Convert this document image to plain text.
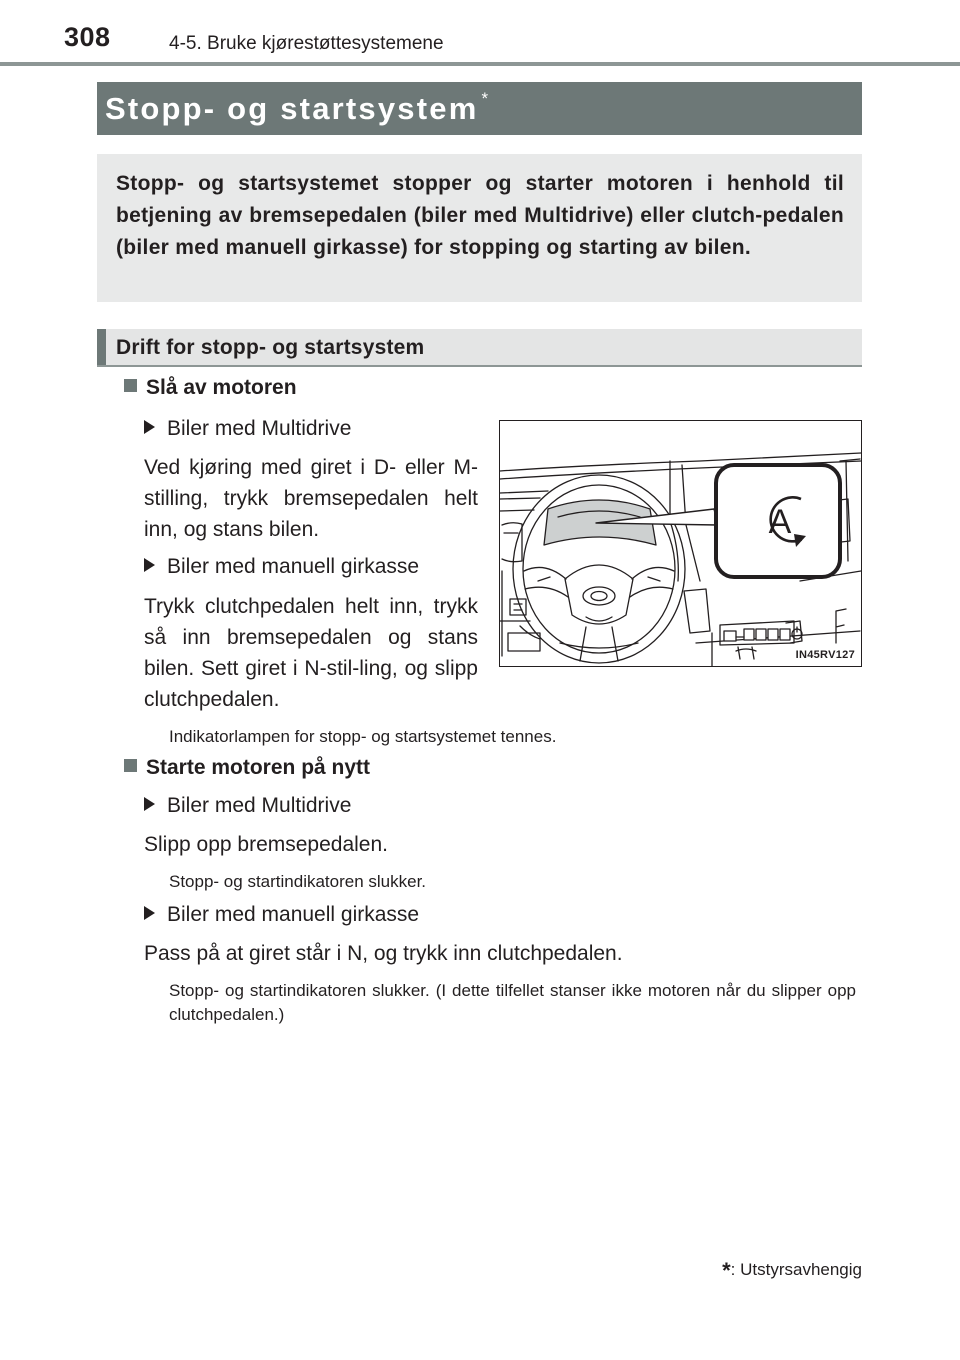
308	4-5. Bruke kjørestøttesystemene
Stopp- og startsystem *
Stopp- og startsystemet stopper og starter motoren i henhold til betjening av bremsepedalen (biler med Multidrive) eller clutch-pedalen (biler med manuell girkasse) for stopping og starting av bilen.
Drift for stopp- og startsystem
Slå av motoren
Biler med Multidrive
Ved kjøring med giret i D- eller M-stilling, trykk bremsepedalen helt inn, og stans bilen.
Biler med manuell girkasse
Trykk clutchpedalen helt inn, trykk så inn bremsepedalen og stans bilen. Sett giret i N-stil-ling, og slipp clutchpedalen.
Indikatorlampen for stopp- og startsystemet tennes.
A
IN45RV127
Starte motoren på nytt
Biler med Multidrive
Slipp opp bremsepedalen.
Stopp- og startindikatoren slukker.
Biler med manuell girkasse
Pass på at giret står i N, og trykk inn clutchpedalen.
Stopp- og startindikatoren slukker. (I dette tilfellet stanser ikke motoren når du slipper opp clutchpedalen.)
*: Utstyrsavhengig
